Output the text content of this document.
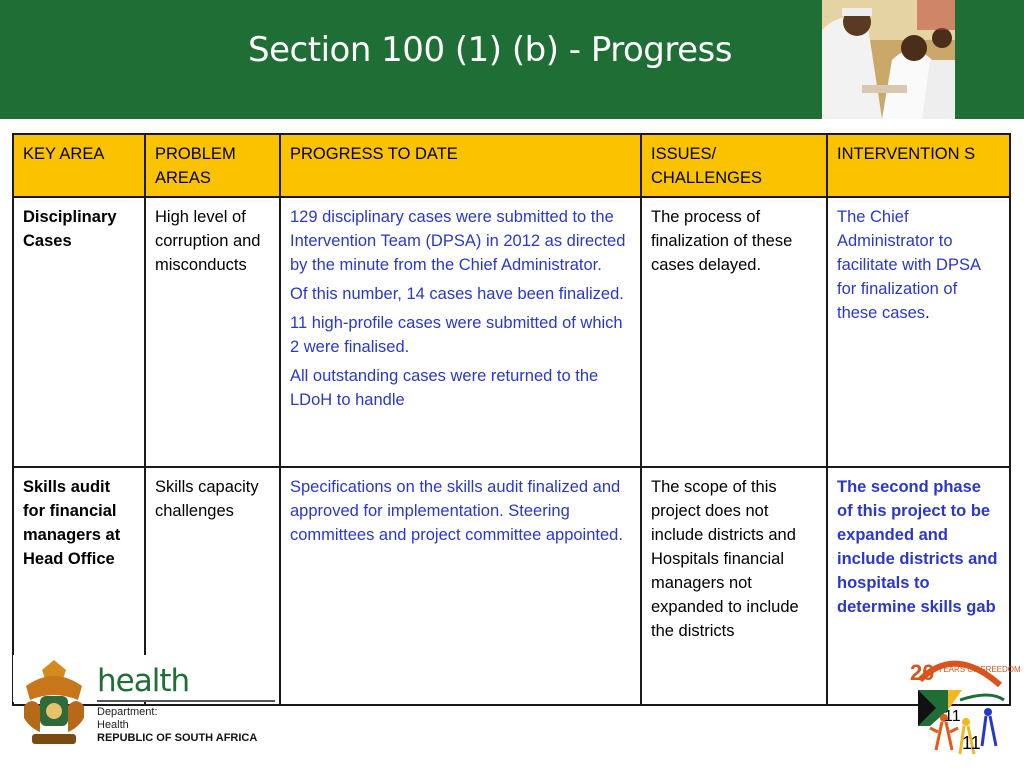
Section 100 (1) (b) - Progress
KEY AREA	PROBLEM AREAS	PROGRESS TO DATE	ISSUES/ CHALLENGES	INTERVENTION S
Disciplinary Cases	High level of corruption and misconducts	129 disciplinary cases were submitted to the Intervention Team (DPSA) in 2012 as directed by the minute from the Chief Administrator.
Of this number, 14 cases have been finalized.
11 high-profile cases were submitted of which 2 were finalised.
All outstanding cases were returned to the LDoH to handle	The process of finalization of these cases delayed.	The Chief Administrator to facilitate with DPSA for finalization of these cases.
Skills audit for financial managers at Head Office	Skills capacity challenges	Specifications on the skills audit finalized and approved for implementation. Steering committees and project committee appointed.	The scope of this project does not include districts and Hospitals financial managers not expanded to include the districts	The second phase of this project to be expanded and include districts and hospitals to determine skills gab
health
Department:
Health
REPUBLIC OF SOUTH AFRICA
20 YEARS OF FREEDOM
11
11
